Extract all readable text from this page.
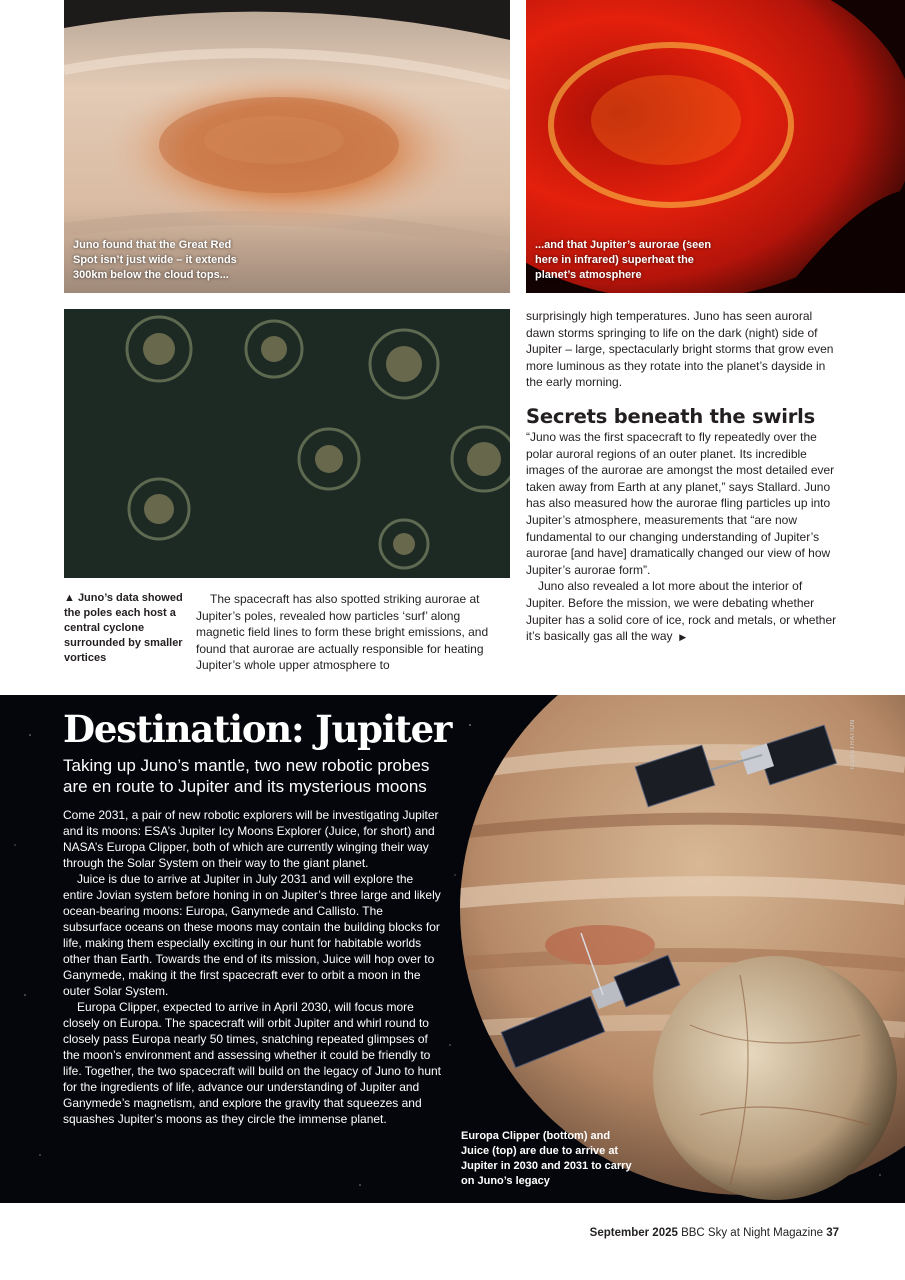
Juno found that the Great Red Spot isn’t just wide – it extends 300km below the cloud tops...
...and that Jupiter’s aurorae (seen here in infrared) superheat the planet’s atmosphere
▲ Juno’s data showed the poles each host a central cyclone surrounded by smaller vortices

The spacecraft has also spotted striking aurorae at Jupiter’s poles, revealed how particles ‘surf’ along magnetic field lines to form these bright emissions, and found that aurorae are actually responsible for heating Jupiter’s whole upper atmosphere to

surprisingly high temperatures. Juno has seen auroral dawn storms springing to life on the dark (night) side of Jupiter – large, spectacularly bright storms that grow even more luminous as they rotate into the planet’s dayside in the early morning.

Secrets beneath the swirls

“Juno was the first spacecraft to fly repeatedly over the polar auroral regions of an outer planet. Its incredible images of the aurorae are amongst the most detailed ever taken away from Earth at any planet,” says Stallard. Juno has also measured how the aurorae fling particles up into Jupiter’s atmosphere, measurements that “are now fundamental to our changing understanding of Jupiter’s aurorae [and have] dramatically changed our view of how Jupiter’s aurorae form”.

Juno also revealed a lot more about the interior of Jupiter. Before the mission, we were debating whether Jupiter has a solid core of ice, rock and metals, or whether it’s basically gas all the way ▶

Destination: Jupiter
Taking up Juno’s mantle, two new robotic probes are en route to Jupiter and its mysterious moons

Come 2031, a pair of new robotic explorers will be investigating Jupiter and its moons: ESA’s Jupiter Icy Moons Explorer (Juice, for short) and NASA’s Europa Clipper, both of which are currently winging their way through the Solar System on their way to the giant planet.

Juice is due to arrive at Jupiter in July 2031 and will explore the entire Jovian system before honing in on Jupiter’s three large and likely ocean-bearing moons: Europa, Ganymede and Callisto. The subsurface oceans on these moons may contain the building blocks for life, making them especially exciting in our hunt for habitable worlds other than Earth. Towards the end of its mission, Juice will hop over to Ganymede, making it the first spacecraft ever to orbit a moon in the outer Solar System.

Europa Clipper, expected to arrive in April 2030, will focus more closely on Europa. The spacecraft will orbit Jupiter and whirl round to closely pass Europa nearly 50 times, snatching repeated glimpses of the moon’s environment and assessing whether it could be friendly to life. Together, the two spacecraft will build on the legacy of Juno to hunt for the ingredients of life, advance our understanding of Jupiter and Ganymede’s magnetism, and explore the gravity that squeezes and squashes Jupiter’s moons as they circle the immense planet.

Europa Clipper (bottom) and Juice (top) are due to arrive at Jupiter in 2030 and 2031 to carry on Juno’s legacy
ILLUSTRATION
September 2025 BBC Sky at Night Magazine 37
